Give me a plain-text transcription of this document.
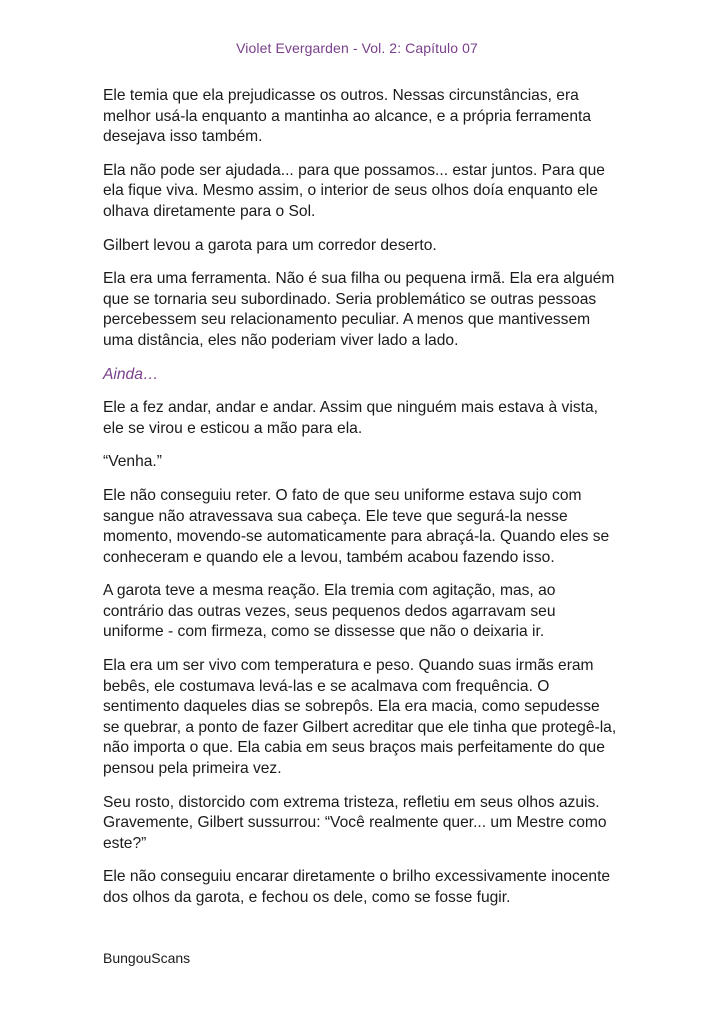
Violet Evergarden - Vol. 2: Capítulo 07

Ele temia que ela prejudicasse os outros. Nessas circunstâncias, era melhor usá-la enquanto a mantinha ao alcance, e a própria ferramenta desejava isso também.

Ela não pode ser ajudada... para que possamos... estar juntos. Para que ela fique viva. Mesmo assim, o interior de seus olhos doía enquanto ele olhava diretamente para o Sol.

Gilbert levou a garota para um corredor deserto.

Ela era uma ferramenta. Não é sua filha ou pequena irmã. Ela era alguém que se tornaria seu subordinado. Seria problemático se outras pessoas percebessem seu relacionamento peculiar. A menos que mantivessem uma distância, eles não poderiam viver lado a lado.

Ainda…

Ele a fez andar, andar e andar. Assim que ninguém mais estava à vista, ele se virou e esticou a mão para ela.

“Venha.”

Ele não conseguiu reter. O fato de que seu uniforme estava sujo com sangue não atravessava sua cabeça. Ele teve que segurá-la nesse momento, movendo-se automaticamente para abraçá-la. Quando eles se conheceram e quando ele a levou, também acabou fazendo isso.

A garota teve a mesma reação. Ela tremia com agitação, mas, ao contrário das outras vezes, seus pequenos dedos agarravam seu uniforme - com firmeza, como se dissesse que não o deixaria ir.

Ela era um ser vivo com temperatura e peso. Quando suas irmãs eram bebês, ele costumava levá-las e se acalmava com frequência. O sentimento daqueles dias se sobrepôs. Ela era macia, como sepudesse se quebrar, a ponto de fazer Gilbert acreditar que ele tinha que protegê-la, não importa o que. Ela cabia em seus braços mais perfeitamente do que pensou pela primeira vez.

Seu rosto, distorcido com extrema tristeza, refletiu em seus olhos azuis. Gravemente, Gilbert sussurrou: “Você realmente quer... um Mestre como este?”

Ele não conseguiu encarar diretamente o brilho excessivamente inocente dos olhos da garota, e fechou os dele, como se fosse fugir.

BungouScans
